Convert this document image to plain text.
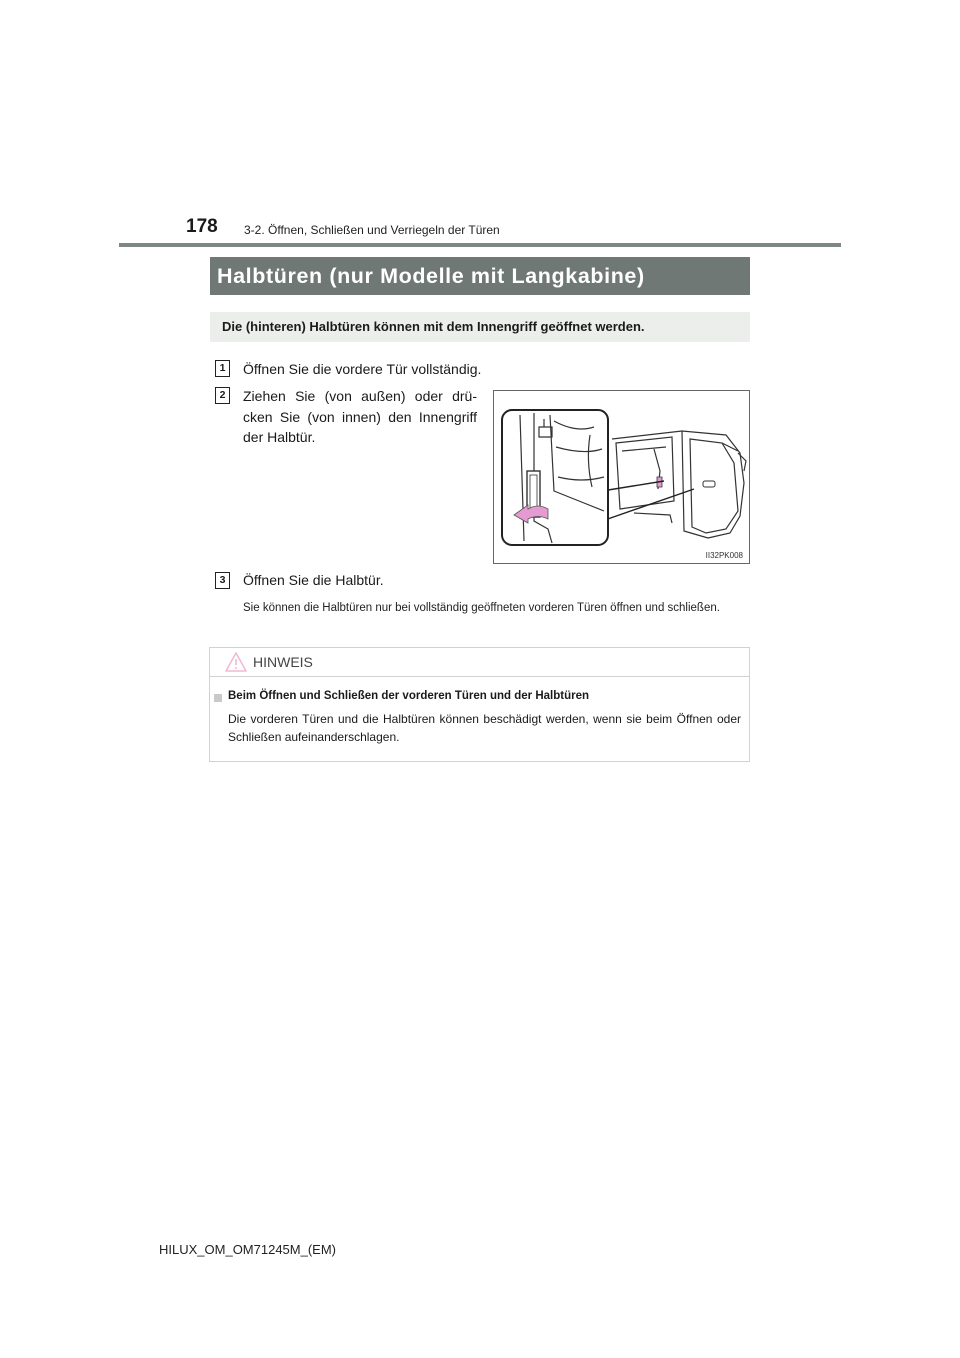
178 3-2. Öffnen, Schließen und Verriegeln der Türen
Halbtüren (nur Modelle mit Langkabine)
Die (hinteren) Halbtüren können mit dem Innengriff geöffnet werden.
1	Öffnen Sie die vordere Tür vollständig.
2	Ziehen Sie (von außen) oder drü-cken Sie (von innen) den Innengriff der Halbtür.
II32PK008
3	Öffnen Sie die Halbtür.
Sie können die Halbtüren nur bei vollständig geöffneten vorderen Türen öffnen und schließen.
HINWEIS
Beim Öffnen und Schließen der vorderen Türen und der Halbtüren
Die vorderen Türen und die Halbtüren können beschädigt werden, wenn sie beim Öffnen oder Schließen aufeinanderschlagen.
HILUX_OM_OM71245M_(EM)
